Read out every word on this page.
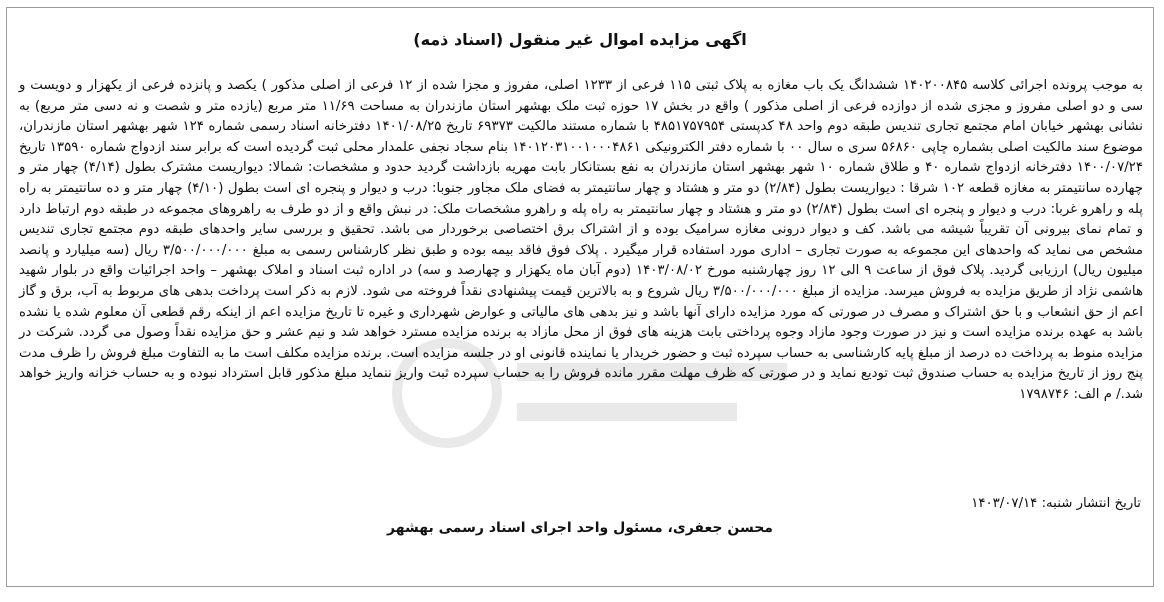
اگهی مزایده اموال غیر منقول (اسناد ذمه)

به موجب پرونده اجرائی کلاسه ۱۴۰۲۰۰۸۴۵ ششدانگ یک باب مغازه به پلاک ثبتی ۱۱۵ فرعی از ۱۲۳۳ اصلی، مفروز و مجزا شده از ۱۲ فرعی از اصلی مذکور ) یکصد و پانزده فرعی از یکهزار و دویست و سی و دو اصلی مفروز و مجزی شده از دوازده فرعی از اصلی مذکور ) واقع در بخش ۱۷ حوزه ثبت ملک بهشهر استان مازندران به مساحت ۱۱/۶۹ متر مربع (یازده متر و شصت و نه دسی متر مربع) به نشانی بهشهر خیابان امام مجتمع تجاری تندیس طبقه دوم واحد ۴۸ کدپستی ۴۸۵۱۷۵۷۹۵۴ با شماره مستند مالکیت ۶۹۳۷۳ تاریخ ۱۴۰۱/۰۸/۲۵ دفترخانه اسناد رسمی شماره ۱۲۴ شهر بهشهر استان مازندران، موضوع سند مالکیت اصلی بشماره چاپی ۵۶۸۶۰ سری ه سال ۰۰ با شماره دفتر الکترونیکی ۱۴۰۱۲۰۳۱۰۰۱۰۰۰۴۸۶۱ بنام سجاد نجفی علمدار محلی ثبت گردیده است که برابر سند ازدواج شماره ۱۳۵۹۰ تاریخ ۱۴۰۰/۰۷/۲۴ دفترخانه ازدواج شماره ۴۰ و طلاق شماره ۱۰ شهر بهشهر استان مازندران به نفع بستانکار بابت مهریه بازداشت گردید حدود و مشخصات: شمالا: دیواریست مشترک بطول (۴/۱۴) چهار متر و چهارده سانتیمتر به مغازه قطعه ۱۰۲ شرقا : دیواریست بطول (۲/۸۴) دو متر و هشتاد و چهار سانتیمتر به فضای ملک مجاور جنوبا: درب و دیوار و پنجره ای است بطول (۴/۱۰) چهار متر و ده سانتیمتر به راه پله و راهرو غربا: درب و دیوار و پنجره ای است بطول (۲/۸۴) دو متر و هشتاد و چهار سانتیمتر به راه پله و راهرو مشخصات ملک: در نبش واقع و از دو طرف به راهروهای مجموعه در طبقه دوم ارتباط دارد و تمام نمای بیرونی آن تقریباً شیشه می باشد. کف و دیوار درونی مغازه سرامیک بوده و از اشتراک برق اختصاصی برخوردار می باشد. تحقیق و بررسی سایر واحدهای طبقه دوم مجتمع تجاری تندیس مشخص می نماید که واحدهای این مجموعه به صورت تجاری – اداری مورد استفاده قرار میگیرد . پلاک فوق فاقد بیمه بوده و طبق نظر کارشناس رسمی به مبلغ ۳/۵۰۰/۰۰۰/۰۰۰ ریال (سه میلیارد و پانصد میلیون ریال) ارزیابی گردید. پلاک فوق از ساعت ۹ الی ۱۲ روز چهارشنبه مورخ ۱۴۰۳/۰۸/۰۲ (دوم آبان ماه یکهزار و چهارصد و سه) در اداره ثبت اسناد و املاک بهشهر – واحد اجرائیات واقع در بلوار شهید هاشمی نژاد از طریق مزایده به فروش میرسد. مزایده از مبلغ ۳/۵۰۰/۰۰۰/۰۰۰ ریال شروع و به بالاترین قیمت پیشنهادی نقداً فروخته می شود. لازم به ذکر است پرداخت بدهی های مربوط به آب، برق و گاز اعم از حق انشعاب و با حق اشتراک و مصرف در صورتی که مورد مزایده دارای آنها باشد و نیز بدهی های مالیاتی و عوارض شهرداری و غیره تا تاریخ مزایده اعم از اینکه رقم قطعی آن معلوم شده یا نشده باشد به عهده برنده مزایده است و نیز در صورت وجود مازاد وجوه پرداختی بابت هزینه های فوق از محل مازاد به برنده مزایده مسترد خواهد شد و نیم عشر و حق مزایده نقداً وصول می گردد. شرکت در مزایده منوط به پرداخت ده درصد از مبلغ پایه کارشناسی به حساب سپرده ثبت و حضور خریدار یا نماینده قانونی او در جلسه مزایده است. برنده مزایده مکلف است ما به التفاوت مبلغ فروش را ظرف مدت پنج روز از تاریخ مزایده به حساب صندوق ثبت تودیع نماید و در صورتی که ظرف مهلت مقرر مانده فروش را به حساب سپرده ثبت واریز ننماید مبلغ مذکور قابل استرداد نبوده و به حساب خزانه واریز خواهد شد./ م الف: ۱۷۹۸۷۴۶

تاریخ انتشار شنبه: ۱۴۰۳/۰۷/۱۴
محسن جعفری، مسئول واحد اجرای اسناد رسمی بهشهر
